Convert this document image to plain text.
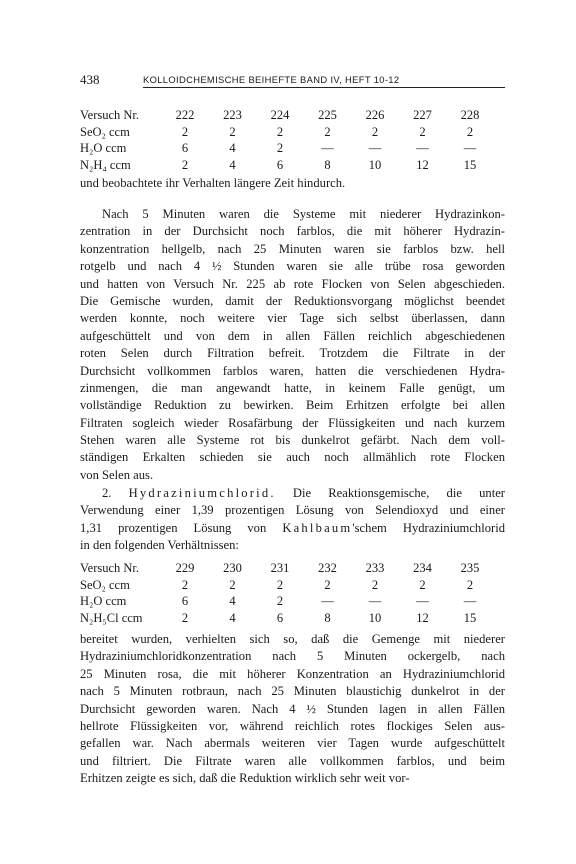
438	KOLLOIDCHEMISCHE BEIHEFTE BAND IV, HEFT 10-12
Versuch Nr.	222	223	224	225	226	227	228
SeO₂ ccm	2	2	2	2	2	2	2
H₂O ccm	6	4	2	—	—	—	—
N₂H₄ ccm	2	4	6	8	10	12	15
und beobachtete ihr Verhalten längere Zeit hindurch.
Nach 5 Minuten waren die Systeme mit niederer Hydrazinkon-
zentration in der Durchsicht noch farblos, die mit höherer Hydrazin-
konzentration hellgelb, nach 25 Minuten waren sie farblos bzw. hell
rotgelb und nach 4 ½ Stunden waren sie alle trübe rosa geworden
und hatten von Versuch Nr. 225 ab rote Flocken von Selen abgeschieden.
Die Gemische wurden, damit der Reduktionsvorgang möglichst beendet
werden konnte, noch weitere vier Tage sich selbst überlassen, dann
aufgeschüttelt und von dem in allen Fällen reichlich abgeschiedenen
roten Selen durch Filtration befreit. Trotzdem die Filtrate in der
Durchsicht vollkommen farblos waren, hatten die verschiedenen Hydra-
zinmengen, die man angewandt hatte, in keinem Falle genügt, um
vollständige Reduktion zu bewirken. Beim Erhitzen erfolgte bei allen
Filtraten sogleich wieder Rosafärbung der Flüssigkeiten und nach kurzem
Stehen waren alle Systeme rot bis dunkelrot gefärbt. Nach dem voll-
ständigen Erkalten schieden sie auch noch allmählich rote Flocken
von Selen aus.
2. Hydraziniumchlorid. Die Reaktionsgemische, die unter
Verwendung einer 1,39 prozentigen Lösung von Selendioxyd und einer
1,31 prozentigen Lösung von Kahlbaum'schem Hydraziniumchlorid
in den folgenden Verhältnissen:
Versuch Nr.	229	230	231	232	233	234	235
SeO₂ ccm	2	2	2	2	2	2	2
H₂O ccm	6	4	2	—	—	—	—
N₂H₅Cl ccm	2	4	6	8	10	12	15
bereitet wurden, verhielten sich so, daß die Gemenge mit niederer
Hydraziniumchloridkonzentration nach 5 Minuten ockergelb, nach
25 Minuten rosa, die mit höherer Konzentration an Hydraziniumchlorid
nach 5 Minuten rotbraun, nach 25 Minuten blaustichig dunkelrot in der
Durchsicht geworden waren. Nach 4 ½ Stunden lagen in allen Fällen
hellrote Flüssigkeiten vor, während reichlich rotes flockiges Selen aus-
gefallen war. Nach abermals weiteren vier Tagen wurde aufgeschüttelt
und filtriert. Die Filtrate waren alle vollkommen farblos, und beim
Erhitzen zeigte es sich, daß die Reduktion wirklich sehr weit vor-
